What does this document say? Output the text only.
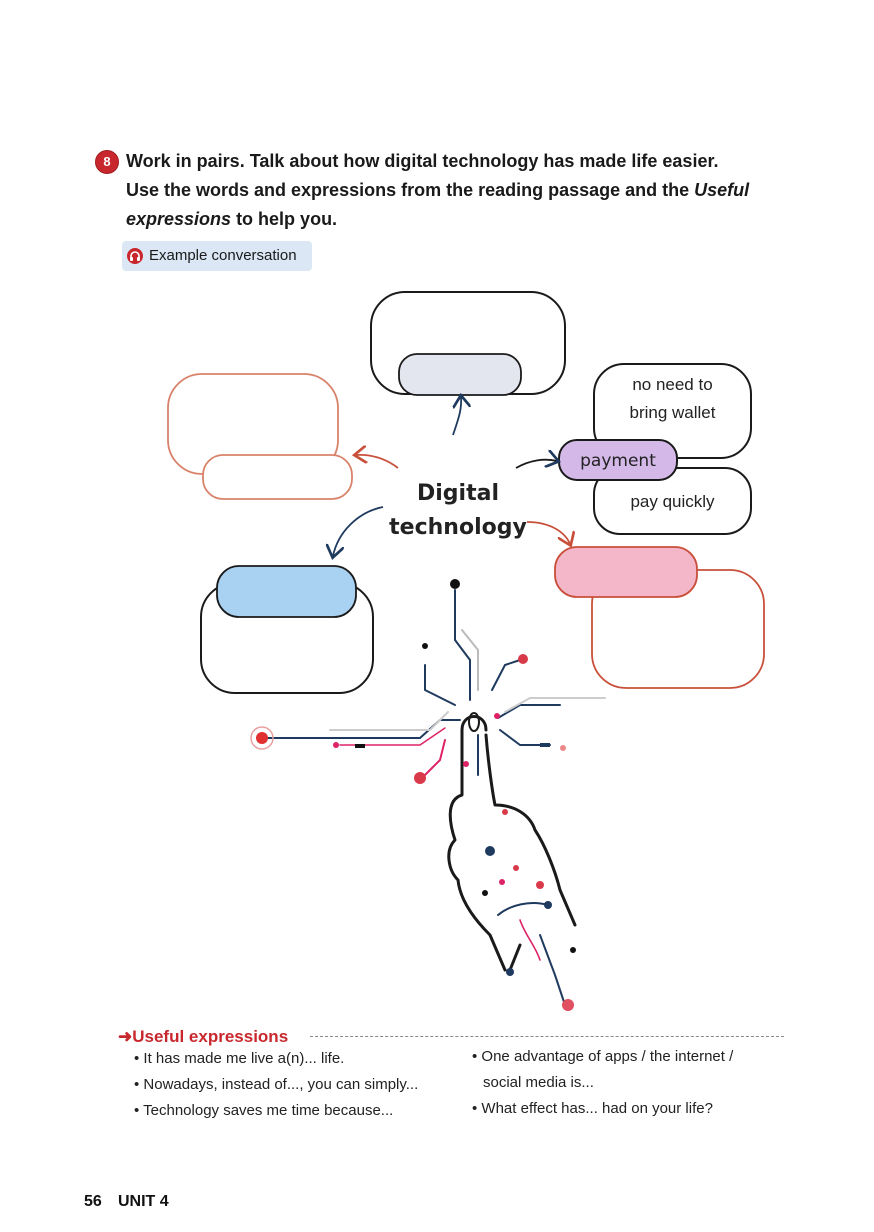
8 Work in pairs. Talk about how digital technology has made life easier.
Use the words and expressions from the reading passage and the Useful
expressions to help you.
Example conversation
Digital
technology
no need to
bring wallet
payment
pay quickly
➜Useful expressions
• It has made me live a(n)... life.
• Nowadays, instead of..., you can simply...
• Technology saves me time because...
• One advantage of apps / the internet /
social media is...
• What effect has... had on your life?
56 UNIT 4
